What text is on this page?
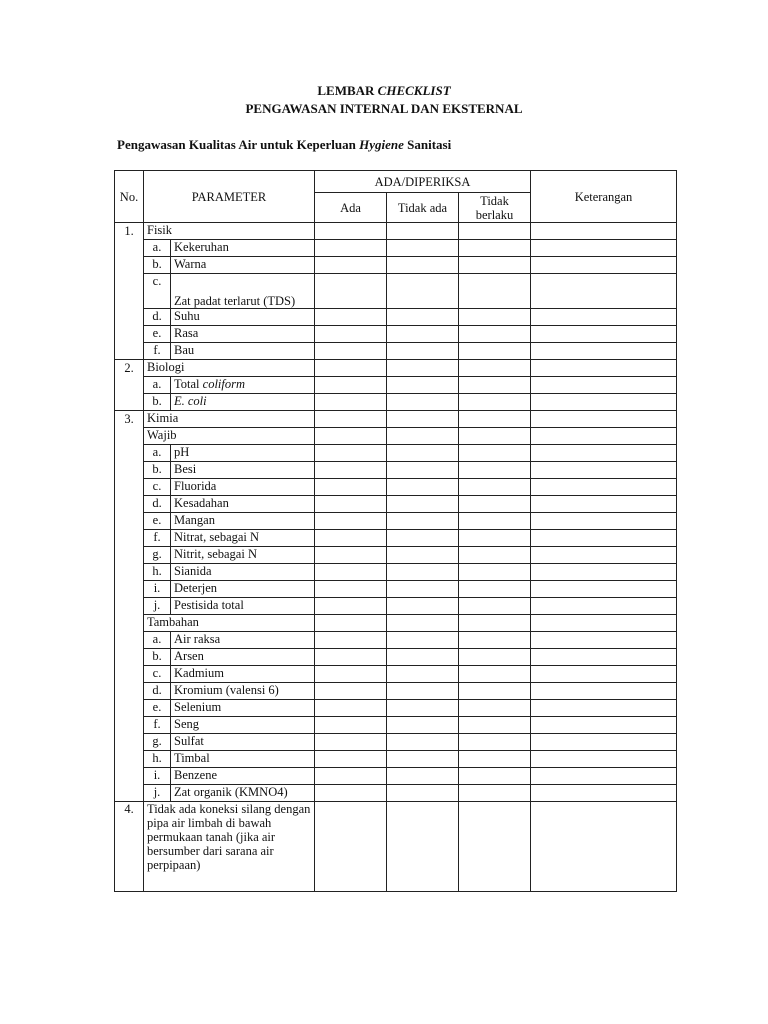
LEMBAR CHECKLIST
PENGAWASAN INTERNAL DAN EKSTERNAL
Pengawasan Kualitas Air untuk Keperluan Hygiene Sanitasi
No.	PARAMETER		ADA/DIPERIKSA			Keterangan
			Ada	Tidak ada	Tidak berlaku	
1.	Fisik					
	a.	Kekeruhan				
	b.	Warna				
	c.	Zat padat terlarut (TDS)				
	d.	Suhu				
	e.	Rasa				
	f.	Bau				
2.	Biologi					
	a.	Total coliform				
	b.	E. coli				
3.	Kimia					
	Wajib					
	a.	pH				
	b.	Besi				
	c.	Fluorida				
	d.	Kesadahan				
	e.	Mangan				
	f.	Nitrat, sebagai N				
	g.	Nitrit, sebagai N				
	h.	Sianida				
	i.	Deterjen				
	j.	Pestisida total				
	Tambahan					
	a.	Air raksa				
	b.	Arsen				
	c.	Kadmium				
	d.	Kromium (valensi 6)				
	e.	Selenium				
	f.	Seng				
	g.	Sulfat				
	h.	Timbal				
	i.	Benzene				
	j.	Zat organik (KMNO4)				
4.	Tidak ada koneksi silang dengan pipa air limbah di bawah permukaan tanah (jika air bersumber dari sarana air perpipaan)					
